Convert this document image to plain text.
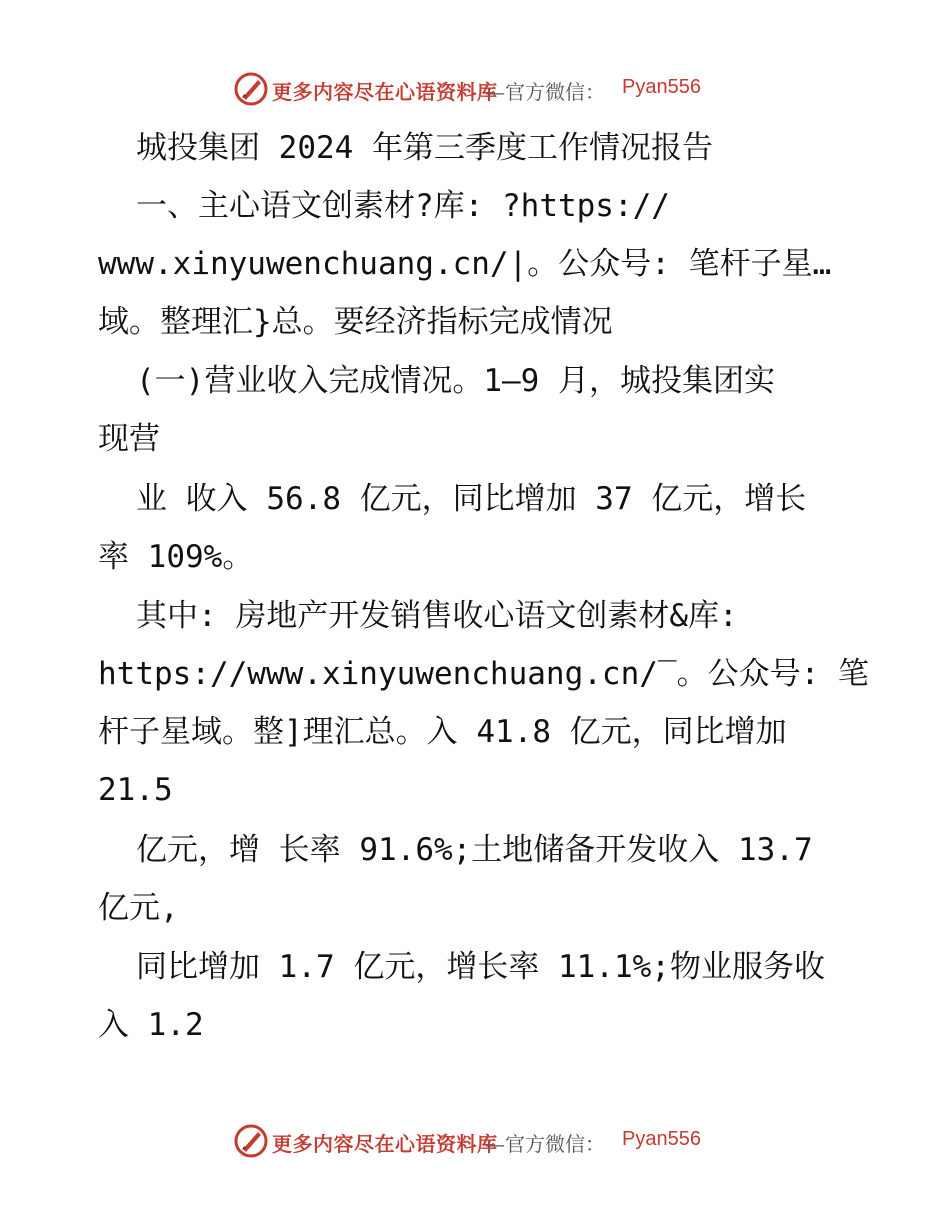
更多内容尽在心语资料库
—官方微信： Pyan556
城投集团 2024 年第三季度工作情况报告
一、主心语文创素材?库: ?https://
www.xinyuwenchuang.cn/|。公众号: 笔杆子星…
域。整理汇}总。要经济指标完成情况
(一)营业收入完成情况。1—9 月，城投集团实
现营
业 收入 56.8 亿元，同比增加 37 亿元，增长
率 109%。
其中: 房地产开发销售收心语文创素材&库:
https://www.xinyuwenchuang.cn/‾。公众号: 笔
杆子星域。整]理汇总。入 41.8 亿元，同比增加
21.5
亿元，增 长率 91.6%;土地储备开发收入 13.7
亿元,
同比增加 1.7 亿元，增长率 11.1%;物业服务收
入 1.2
更多内容尽在心语资料库
—官方微信： Pyan556
